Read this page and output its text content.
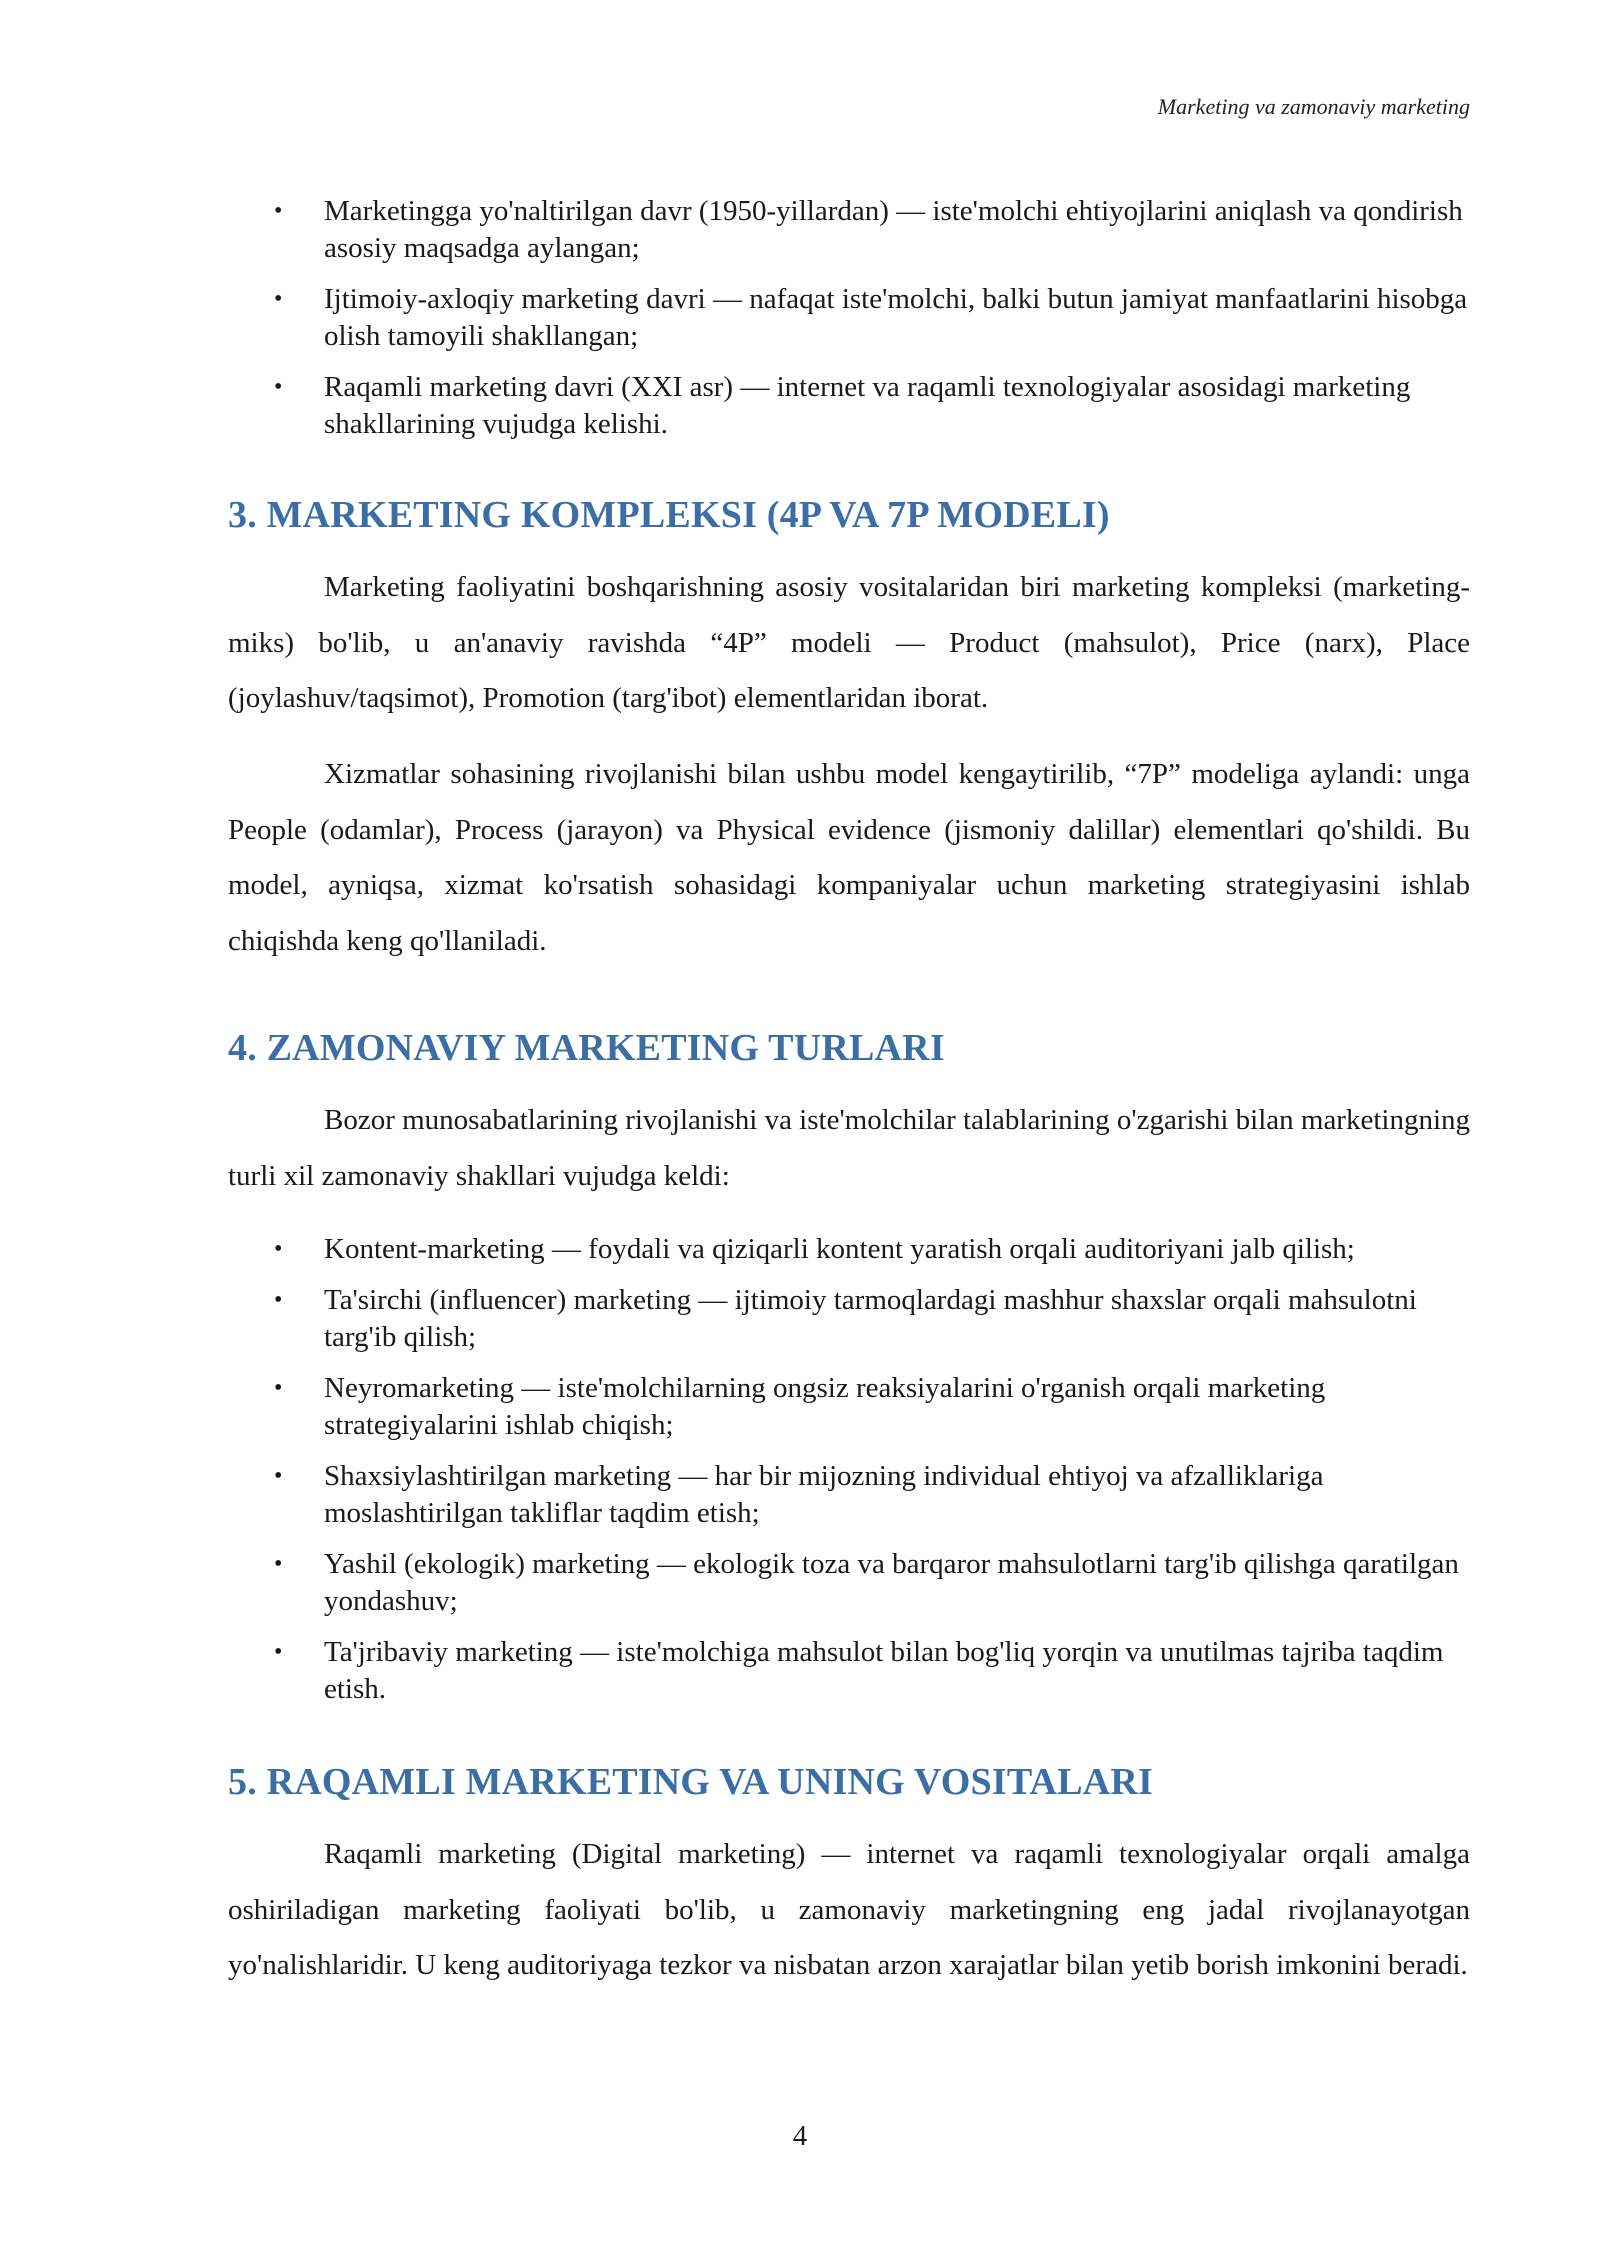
Marketing va zamonaviy marketing
• Marketingga yo'naltirilgan davr (1950-yillardan) — iste'molchi ehtiyojlarini aniqlash va qondirish asosiy maqsadga aylangan;
• Ijtimoiy-axloqiy marketing davri — nafaqat iste'molchi, balki butun jamiyat manfaatlarini hisobga olish tamoyili shakllangan;
• Raqamli marketing davri (XXI asr) — internet va raqamli texnologiyalar asosidagi marketing shakllarining vujudga kelishi.
3. MARKETING KOMPLEKSI (4P VA 7P MODELI)

Marketing faoliyatini boshqarishning asosiy vositalaridan biri marketing kompleksi (marketing-miks) bo'lib, u an'anaviy ravishda “4P” modeli — Product (mahsulot), Price (narx), Place (joylashuv/taqsimot), Promotion (targ'ibot) elementlaridan iborat.

Xizmatlar sohasining rivojlanishi bilan ushbu model kengaytirilib, “7P” modeliga aylandi: unga People (odamlar), Process (jarayon) va Physical evidence (jismoniy dalillar) elementlari qo'shildi. Bu model, ayniqsa, xizmat ko'rsatish sohasidagi kompaniyalar uchun marketing strategiyasini ishlab chiqishda keng qo'llaniladi.

4. ZAMONAVIY MARKETING TURLARI

Bozor munosabatlarining rivojlanishi va iste'molchilar talablarining o'zgarishi bilan marketingning turli xil zamonaviy shakllari vujudga keldi:

• Kontent-marketing — foydali va qiziqarli kontent yaratish orqali auditoriyani jalb qilish;
• Ta'sirchi (influencer) marketing — ijtimoiy tarmoqlardagi mashhur shaxslar orqali mahsulotni targ'ib qilish;
• Neyromarketing — iste'molchilarning ongsiz reaksiyalarini o'rganish orqali marketing strategiyalarini ishlab chiqish;
• Shaxsiylashtirilgan marketing — har bir mijozning individual ehtiyoj va afzalliklariga moslashtirilgan takliflar taqdim etish;
• Yashil (ekologik) marketing — ekologik toza va barqaror mahsulotlarni targ'ib qilishga qaratilgan yondashuv;
• Ta'jribaviy marketing — iste'molchiga mahsulot bilan bog'liq yorqin va unutilmas tajriba taqdim etish.
5. RAQAMLI MARKETING VA UNING VOSITALARI

Raqamli marketing (Digital marketing) — internet va raqamli texnologiyalar orqali amalga oshiriladigan marketing faoliyati bo'lib, u zamonaviy marketingning eng jadal rivojlanayotgan yo'nalishlaridir. U keng auditoriyaga tezkor va nisbatan arzon xarajatlar bilan yetib borish imkonini beradi.

4
